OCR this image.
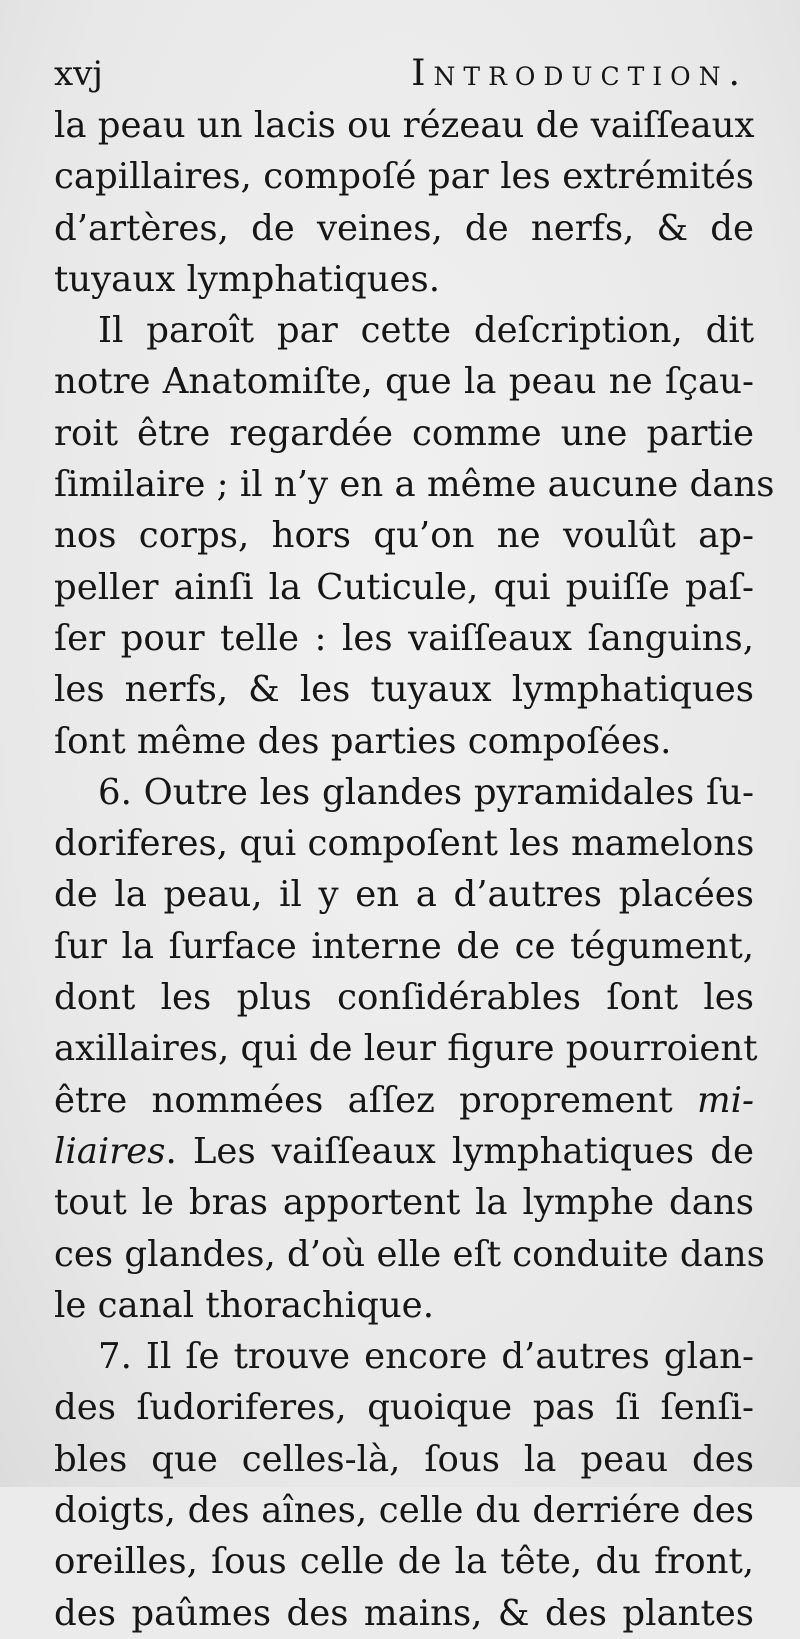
xvj	Introduction.
la peau un lacis ou rézeau de vaiſſeaux
capillaires, compoſé par les extrémités
d’artères, de veines, de nerfs, & de
tuyaux lymphatiques.
Il paroît par cette deſcription, dit
notre Anatomiſte, que la peau ne ſçau-
roit être regardée comme une partie
ſimilaire ; il n’y en a même aucune dans
nos corps, hors qu’on ne voulût ap-
peller ainſi la Cuticule, qui puiſſe paſ-
ſer pour telle : les vaiſſeaux ſanguins,
les nerfs, & les tuyaux lymphatiques
ſont même des parties compoſées.
6. Outre les glandes pyramidales ſu-
doriferes, qui compoſent les mamelons
de la peau, il y en a d’autres placées
ſur la ſurface interne de ce tégument,
dont les plus conſidérables ſont les
axillaires, qui de leur figure pourroient
être nommées aſſez proprement mi-
liaires. Les vaiſſeaux lymphatiques de
tout le bras apportent la lymphe dans
ces glandes, d’où elle eſt conduite dans
le canal thorachique.
7. Il ſe trouve encore d’autres glan-
des ſudoriferes, quoique pas ſi ſenſi-
bles que celles-là, ſous la peau des
doigts, des aînes, celle du derriére des
oreilles, ſous celle de la tête, du front,
des paûmes des mains, & des plantes
